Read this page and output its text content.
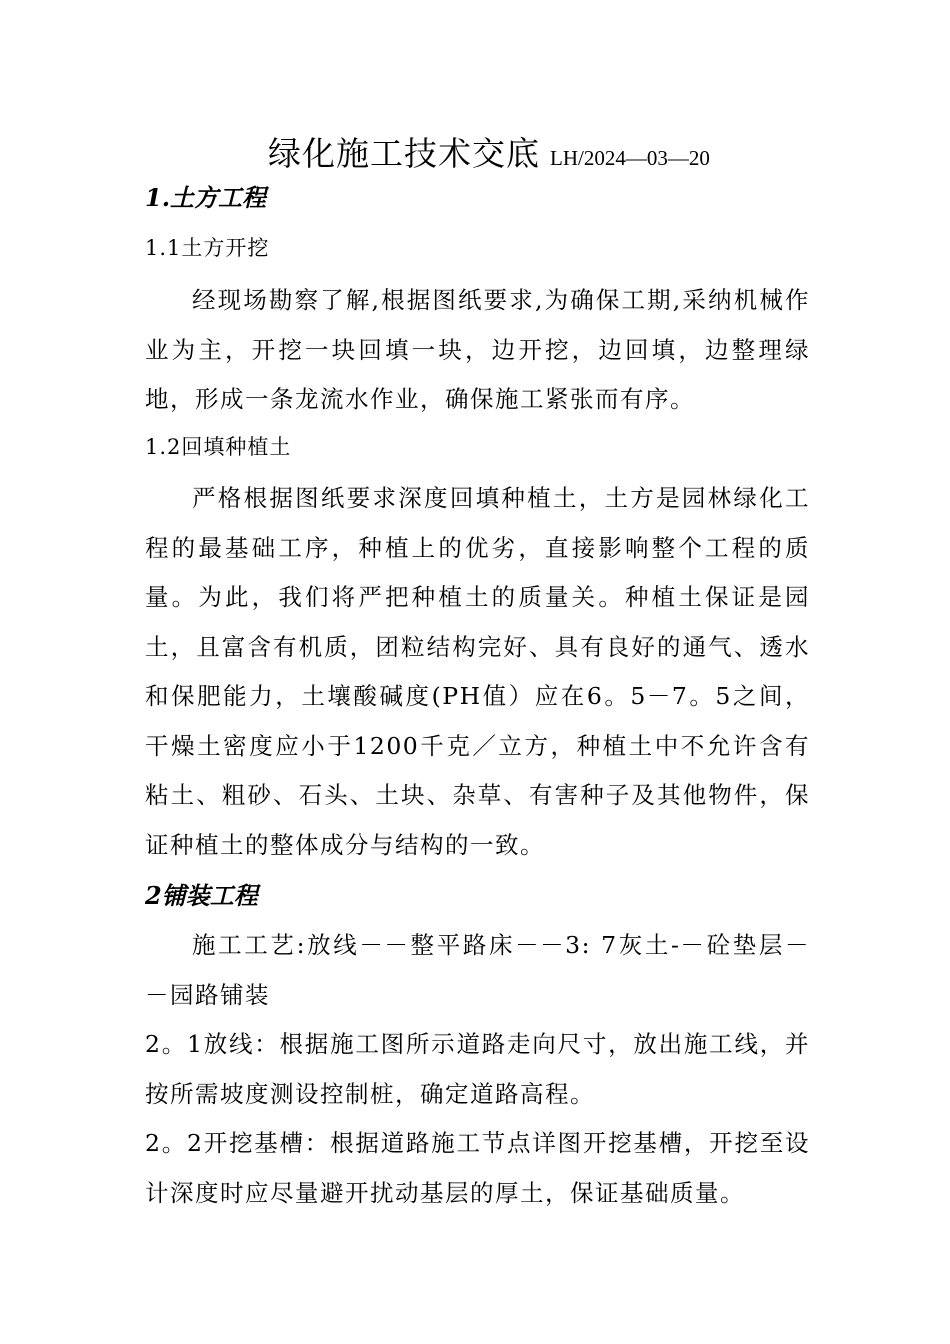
绿化施工技术交底 LH/2024—03—20
1.土方工程
1.1土方开挖

经现场勘察了解,根据图纸要求,为确保工期,采纳机械作业为主，开挖一块回填一块，边开挖，边回填，边整理绿地，形成一条龙流水作业，确保施工紧张而有序。

1.2回填种植土

严格根据图纸要求深度回填种植土，土方是园林绿化工程的最基础工序，种植上的优劣，直接影响整个工程的质量。为此，我们将严把种植土的质量关。种植土保证是园土，且富含有机质，团粒结构完好、具有良好的通气、透水和保肥能力，土壤酸碱度(PH值）应在6。5－7。5之间，干燥土密度应小于1200千克／立方，种植土中不允许含有粘土、粗砂、石头、土块、杂草、有害种子及其他物件，保证种植土的整体成分与结构的一致。

2铺装工程

施工工艺:放线－－整平路床－－3: 7灰土-－砼垫层－－园路铺装

2。1放线：根据施工图所示道路走向尺寸，放出施工线，并按所需坡度测设控制桩，确定道路高程。

2。2开挖基槽：根据道路施工节点详图开挖基槽，开挖至设计深度时应尽量避开扰动基层的厚土，保证基础质量。
